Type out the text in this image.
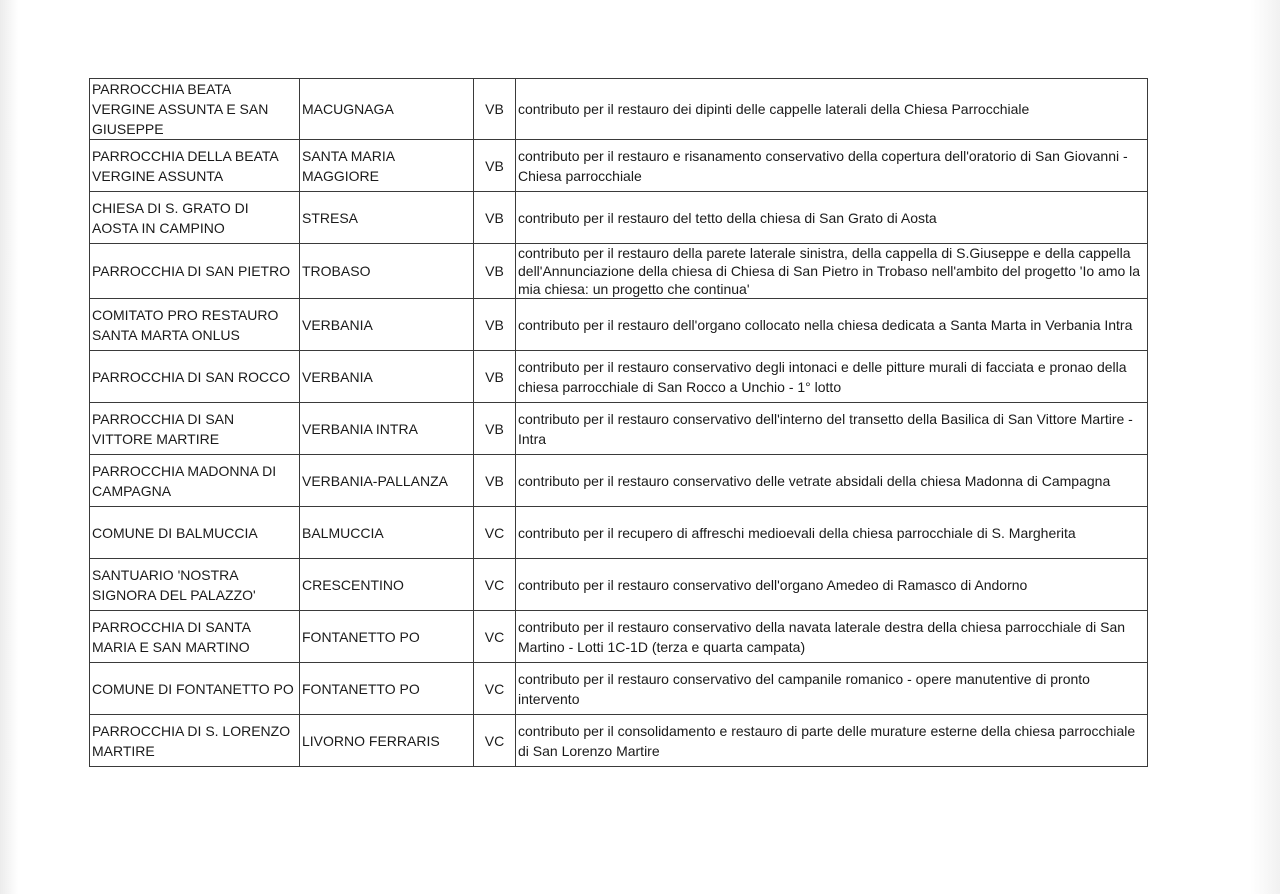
PARROCCHIA BEATA VERGINE ASSUNTA E SAN GIUSEPPE	MACUGNAGA	VB	contributo per il restauro dei dipinti delle cappelle laterali della Chiesa Parrocchiale
PARROCCHIA DELLA BEATA VERGINE ASSUNTA	SANTA MARIA MAGGIORE	VB	contributo per il restauro e risanamento conservativo della copertura dell'oratorio di San Giovanni - Chiesa parrocchiale
CHIESA DI S. GRATO DI AOSTA IN CAMPINO	STRESA	VB	contributo per il restauro del tetto della chiesa di San Grato di Aosta
PARROCCHIA DI SAN PIETRO	TROBASO	VB	contributo per il restauro della parete laterale sinistra, della cappella di S.Giuseppe e della cappella dell'Annunciazione della chiesa di Chiesa di San Pietro in Trobaso nell'ambito del progetto 'Io amo la mia chiesa: un progetto che continua'
COMITATO PRO RESTAURO SANTA MARTA ONLUS	VERBANIA	VB	contributo per il restauro dell'organo collocato nella chiesa dedicata a Santa Marta in Verbania Intra
PARROCCHIA DI SAN ROCCO	VERBANIA	VB	contributo per il restauro conservativo degli intonaci e delle pitture murali di facciata e pronao della chiesa parrocchiale di San Rocco a Unchio - 1° lotto
PARROCCHIA DI SAN VITTORE MARTIRE	VERBANIA INTRA	VB	contributo per il restauro conservativo dell'interno del transetto della Basilica di San Vittore Martire - Intra
PARROCCHIA MADONNA DI CAMPAGNA	VERBANIA-PALLANZA	VB	contributo per il restauro conservativo delle vetrate absidali della chiesa Madonna di Campagna
COMUNE DI BALMUCCIA	BALMUCCIA	VC	contributo per il recupero di affreschi medioevali della chiesa parrocchiale di S. Margherita
SANTUARIO 'NOSTRA SIGNORA DEL PALAZZO'	CRESCENTINO	VC	contributo per il restauro conservativo dell'organo Amedeo di Ramasco di Andorno
PARROCCHIA DI SANTA MARIA E SAN MARTINO	FONTANETTO PO	VC	contributo per il restauro conservativo della navata laterale destra della chiesa parrocchiale di San Martino - Lotti 1C-1D (terza e quarta campata)
COMUNE DI FONTANETTO PO	FONTANETTO PO	VC	contributo per il restauro conservativo del campanile romanico - opere manutentive di pronto intervento
PARROCCHIA DI S. LORENZO MARTIRE	LIVORNO FERRARIS	VC	contributo per il consolidamento e restauro di parte delle murature esterne della chiesa parrocchiale di San Lorenzo Martire
